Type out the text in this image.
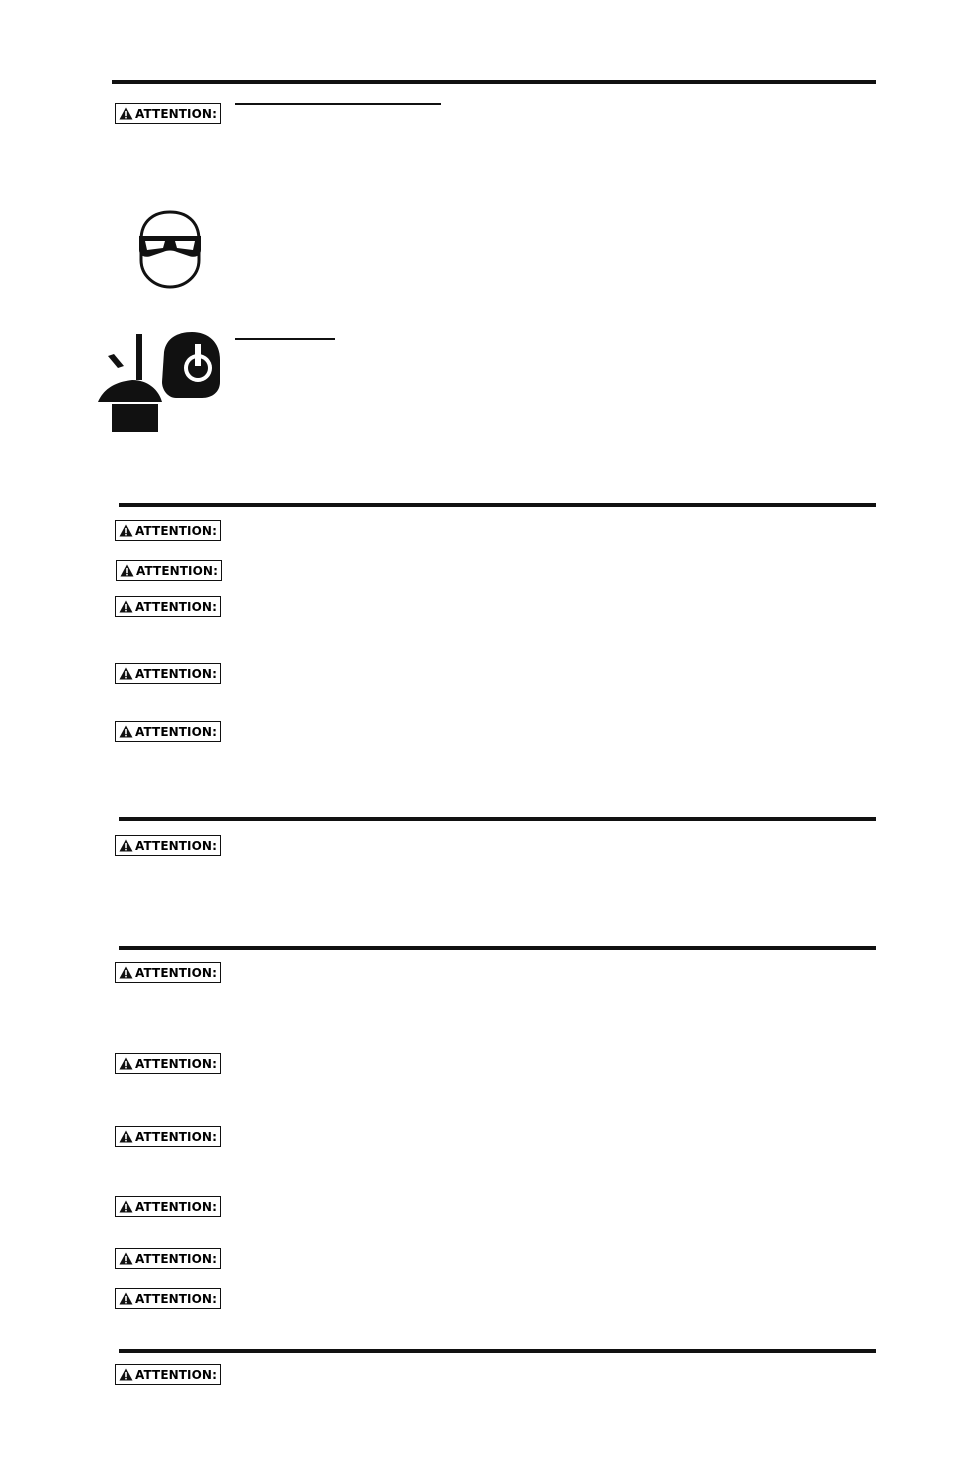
ATTENTION:
ATTENTION:
ATTENTION:
ATTENTION:
ATTENTION:
ATTENTION:
ATTENTION:
ATTENTION:
ATTENTION:
ATTENTION:
ATTENTION:
ATTENTION:
ATTENTION:
ATTENTION:
